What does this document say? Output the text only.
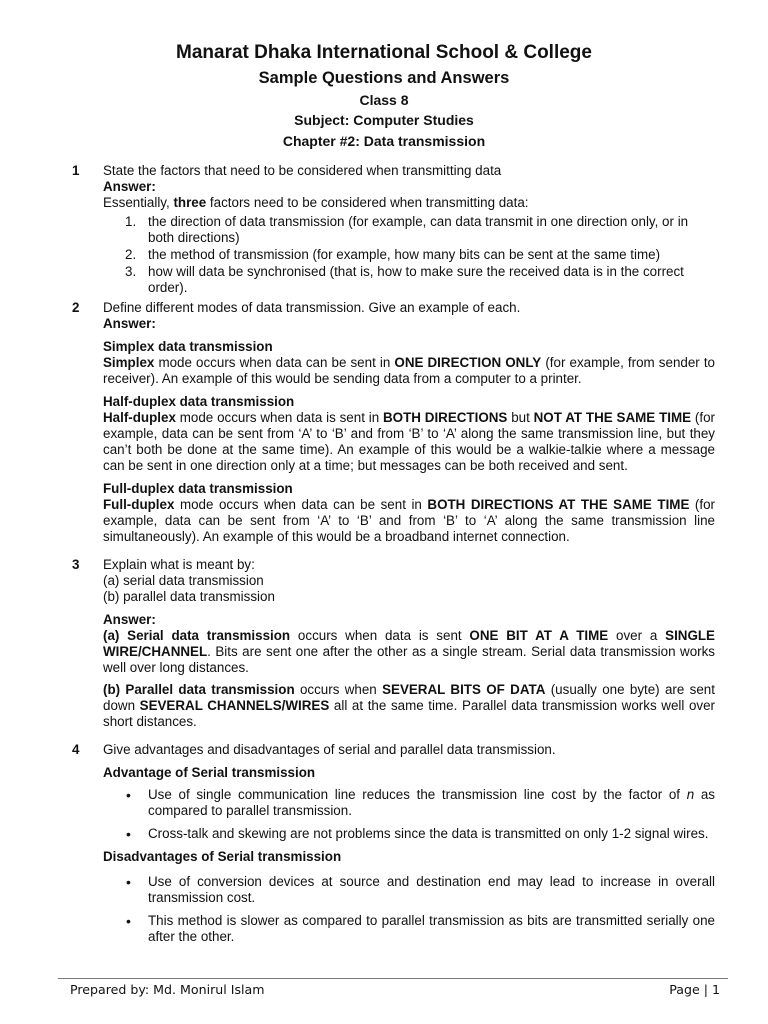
Manarat Dhaka International School & College
Sample Questions and Answers
Class 8
Subject: Computer Studies
Chapter #2: Data transmission
1 State the factors that need to be considered when transmitting data
Answer:
Essentially, three factors need to be considered when transmitting data:
1. the direction of data transmission (for example, can data transmit in one direction only, or in both directions)
2. the method of transmission (for example, how many bits can be sent at the same time)
3. how will data be synchronised (that is, how to make sure the received data is in the correct order).
2 Define different modes of data transmission. Give an example of each.
Answer:
Simplex data transmission
Simplex mode occurs when data can be sent in ONE DIRECTION ONLY (for example, from sender to receiver). An example of this would be sending data from a computer to a printer.
Half-duplex data transmission
Half-duplex mode occurs when data is sent in BOTH DIRECTIONS but NOT AT THE SAME TIME (for example, data can be sent from ‘A’ to ‘B’ and from ‘B’ to ‘A’ along the same transmission line, but they can’t both be done at the same time). An example of this would be a walkie-talkie where a message can be sent in one direction only at a time; but messages can be both received and sent.
Full-duplex data transmission
Full-duplex mode occurs when data can be sent in BOTH DIRECTIONS AT THE SAME TIME (for example, data can be sent from ‘A’ to ‘B’ and from ‘B’ to ‘A’ along the same transmission line simultaneously). An example of this would be a broadband internet connection.
3 Explain what is meant by:
(a) serial data transmission
(b) parallel data transmission
Answer:
(a) Serial data transmission occurs when data is sent ONE BIT AT A TIME over a SINGLE WIRE/CHANNEL. Bits are sent one after the other as a single stream. Serial data transmission works well over long distances.
(b) Parallel data transmission occurs when SEVERAL BITS OF DATA (usually one byte) are sent down SEVERAL CHANNELS/WIRES all at the same time. Parallel data transmission works well over short distances.
4 Give advantages and disadvantages of serial and parallel data transmission.
Advantage of Serial transmission
• Use of single communication line reduces the transmission line cost by the factor of n as compared to parallel transmission.
• Cross-talk and skewing are not problems since the data is transmitted on only 1-2 signal wires.
Disadvantages of Serial transmission
• Use of conversion devices at source and destination end may lead to increase in overall transmission cost.
• This method is slower as compared to parallel transmission as bits are transmitted serially one after the other.
Prepared by: Md. Monirul Islam	Page | 1
